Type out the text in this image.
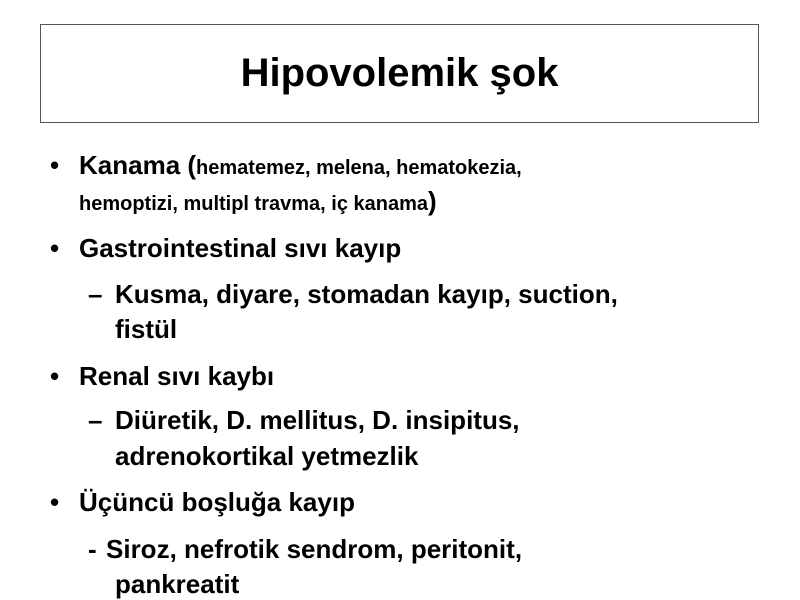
Hipovolemik şok
• Kanama (hematemez, melena, hematokezia,
hemoptizi, multipl travma, iç kanama)
• Gastrointestinal sıvı kayıp
– Kusma, diyare, stomadan kayıp, suction,
fistül
• Renal sıvı kaybı
– Diüretik, D. mellitus, D. insipitus,
adrenokortikal yetmezlik
• Üçüncü boşluğa kayıp
- Siroz, nefrotik sendrom, peritonit,
pankreatit
